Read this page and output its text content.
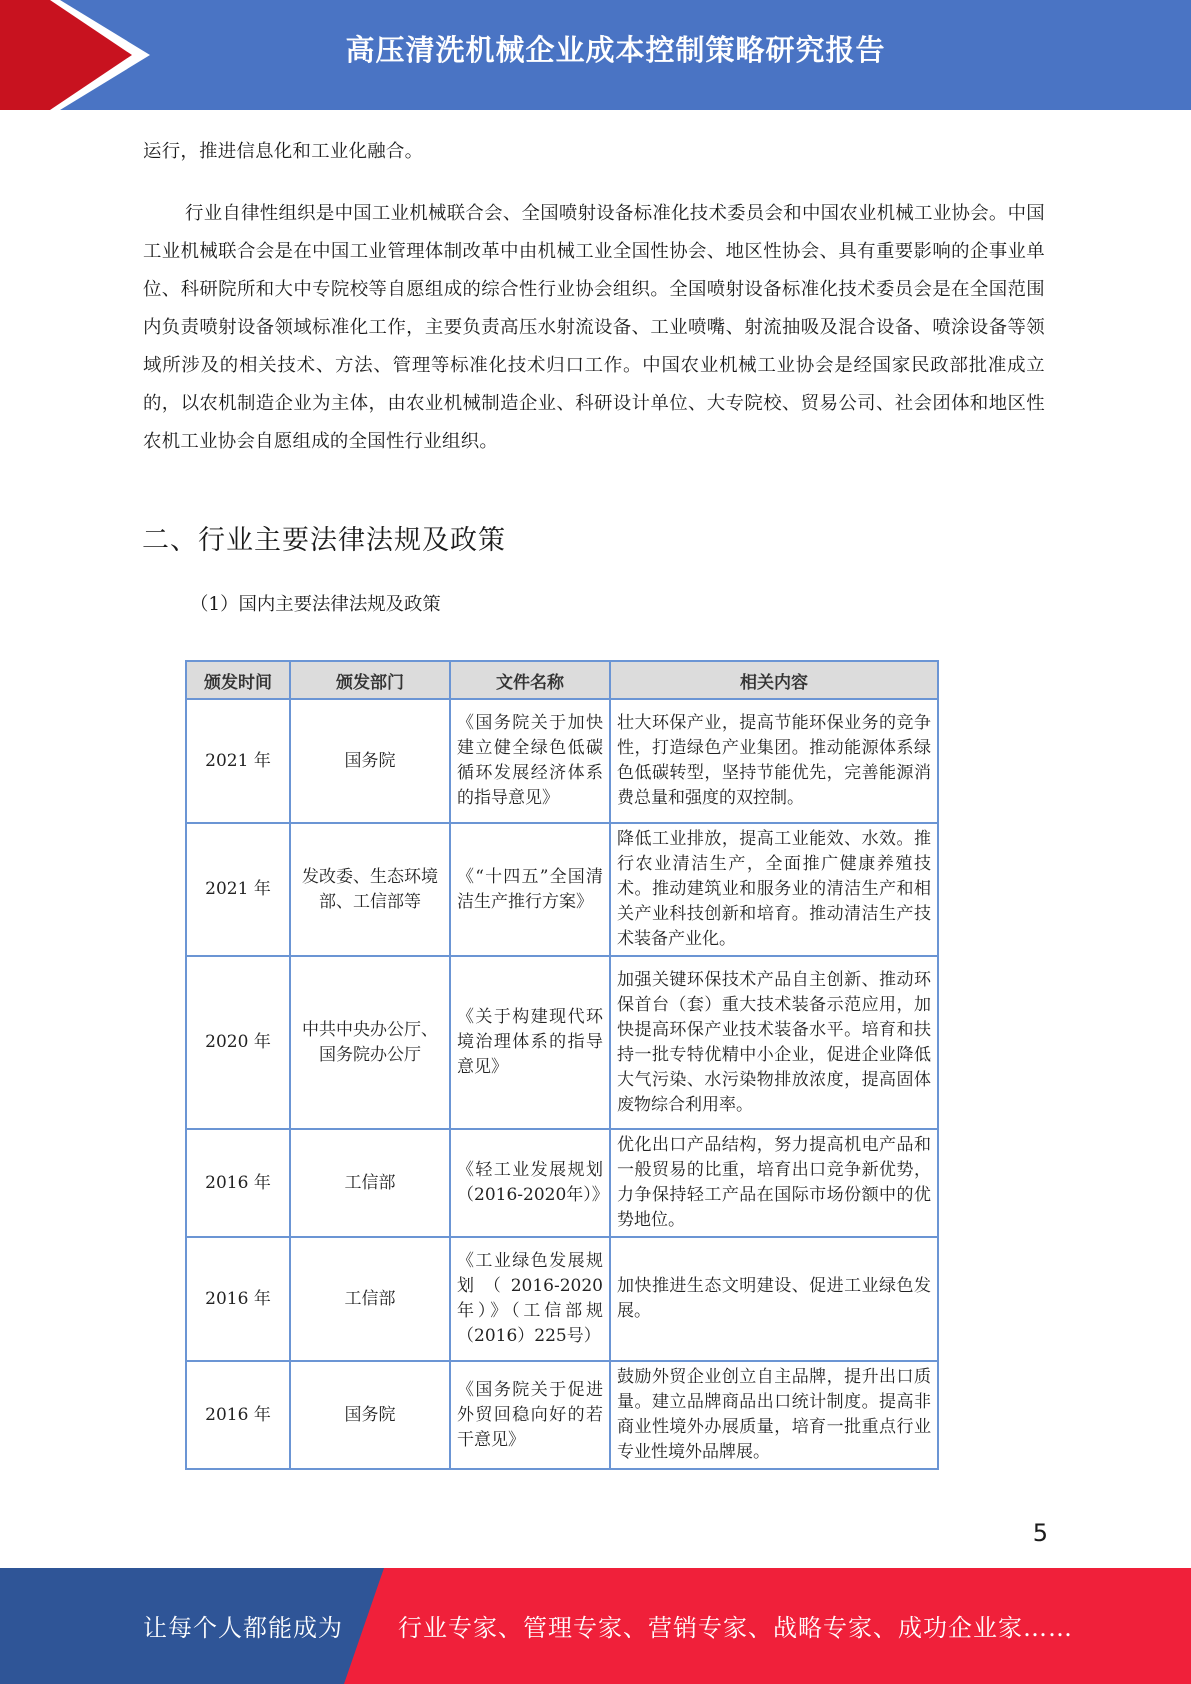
高压清洗机械企业成本控制策略研究报告

运行，推进信息化和工业化融合。

行业自律性组织是中国工业机械联合会、全国喷射设备标准化技术委员会和中国农业机械工业协会。中国工业机械联合会是在中国工业管理体制改革中由机械工业全国性协会、地区性协会、具有重要影响的企事业单位、科研院所和大中专院校等自愿组成的综合性行业协会组织。全国喷射设备标准化技术委员会是在全国范围内负责喷射设备领域标准化工作，主要负责高压水射流设备、工业喷嘴、射流抽吸及混合设备、喷涂设备等领域所涉及的相关技术、方法、管理等标准化技术归口工作。中国农业机械工业协会是经国家民政部批准成立的，以农机制造企业为主体，由农业机械制造企业、科研设计单位、大专院校、贸易公司、社会团体和地区性农机工业协会自愿组成的全国性行业组织。

二、行业主要法律法规及政策

（1）国内主要法律法规及政策

颁发时间	颁发部门	文件名称	相关内容
2021 年	国务院	《国务院关于加快建立健全绿色低碳循环发展经济体系的指导意见》	壮大环保产业，提高节能环保业务的竞争性，打造绿色产业集团。推动能源体系绿色低碳转型，坚持节能优先，完善能源消费总量和强度的双控制。
2021 年	发改委、生态环境部、工信部等	《“十四五”全国清洁生产推行方案》	降低工业排放，提高工业能效、水效。推行农业清洁生产，全面推广健康养殖技术。推动建筑业和服务业的清洁生产和相关产业科技创新和培育。推动清洁生产技术装备产业化。
2020 年	中共中央办公厅、国务院办公厅	《关于构建现代环境治理体系的指导意见》	加强关键环保技术产品自主创新、推动环保首台（套）重大技术装备示范应用，加快提高环保产业技术装备水平。培育和扶持一批专特优精中小企业，促进企业降低大气污染、水污染物排放浓度，提高固体废物综合利用率。
2016 年	工信部	《轻工业发展规划（2016-2020年）》	优化出口产品结构，努力提高机电产品和一般贸易的比重，培育出口竞争新优势，力争保持轻工产品在国际市场份额中的优势地位。
2016 年	工信部	《工业绿色发展规划（2016-2020年）》（工信部规（2016）225号）	加快推进生态文明建设、促进工业绿色发展。
2016 年	国务院	《国务院关于促进外贸回稳向好的若干意见》	鼓励外贸企业创立自主品牌，提升出口质量。建立品牌商品出口统计制度。提高非商业性境外办展质量，培育一批重点行业专业性境外品牌展。
5
让每个人都能成为 行业专家、管理专家、营销专家、战略专家、成功企业家……
